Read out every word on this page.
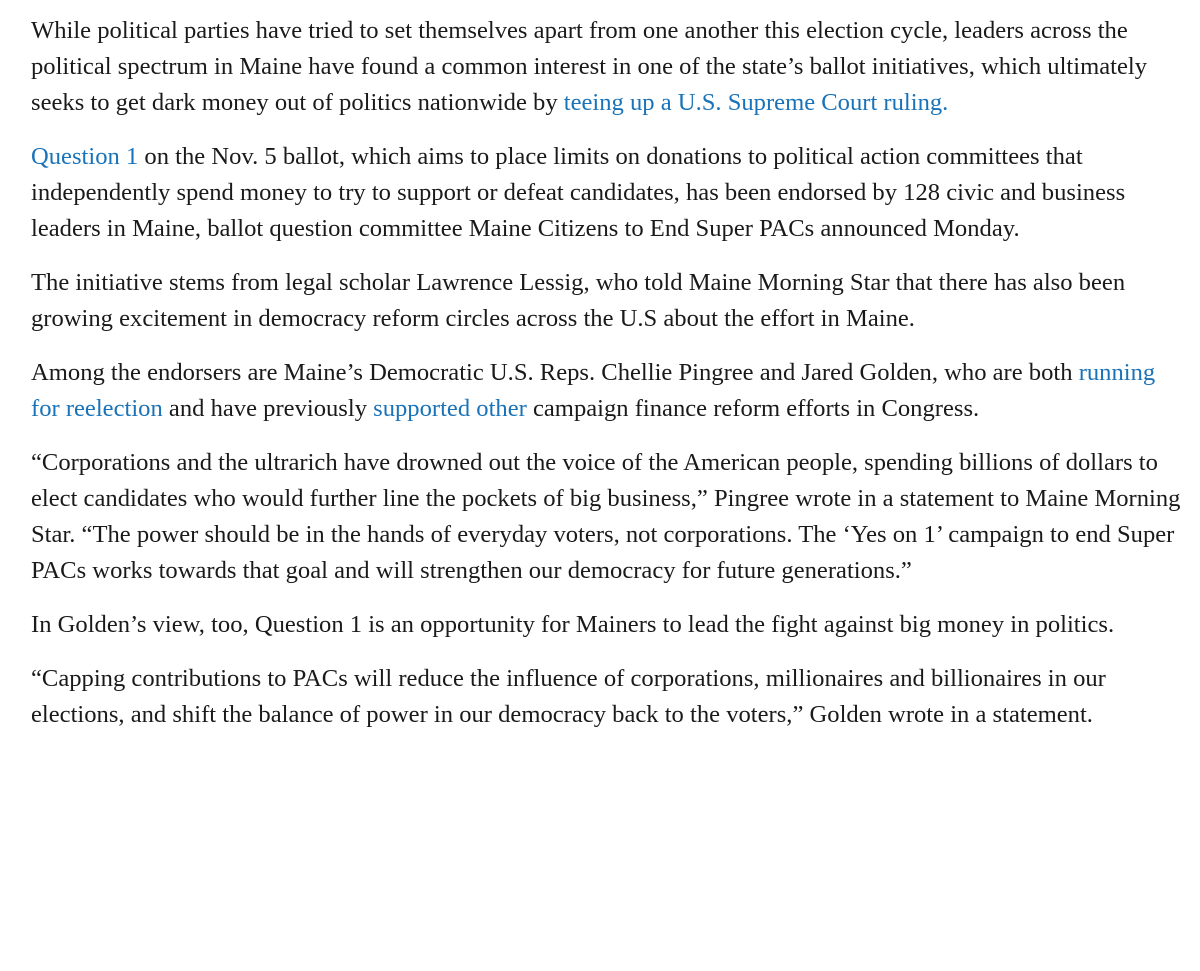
While political parties have tried to set themselves apart from one another this election cycle, leaders across the political spectrum in Maine have found a common interest in one of the state’s ballot initiatives, which ultimately seeks to get dark money out of politics nationwide by teeing up a U.S. Supreme Court ruling.

Question 1 on the Nov. 5 ballot, which aims to place limits on donations to political action committees that independently spend money to try to support or defeat candidates, has been endorsed by 128 civic and business leaders in Maine, ballot question committee Maine Citizens to End Super PACs announced Monday.

The initiative stems from legal scholar Lawrence Lessig, who told Maine Morning Star that there has also been growing excitement in democracy reform circles across the U.S about the effort in Maine.

Among the endorsers are Maine’s Democratic U.S. Reps. Chellie Pingree and Jared Golden, who are both running for reelection and have previously supported other campaign finance reform efforts in Congress.

“Corporations and the ultrarich have drowned out the voice of the American people, spending billions of dollars to elect candidates who would further line the pockets of big business,” Pingree wrote in a statement to Maine Morning Star. “The power should be in the hands of everyday voters, not corporations. The ‘Yes on 1’ campaign to end Super PACs works towards that goal and will strengthen our democracy for future generations.”

In Golden’s view, too, Question 1 is an opportunity for Mainers to lead the fight against big money in politics.

“Capping contributions to PACs will reduce the influence of corporations, millionaires and billionaires in our elections, and shift the balance of power in our democracy back to the voters,” Golden wrote in a statement.
